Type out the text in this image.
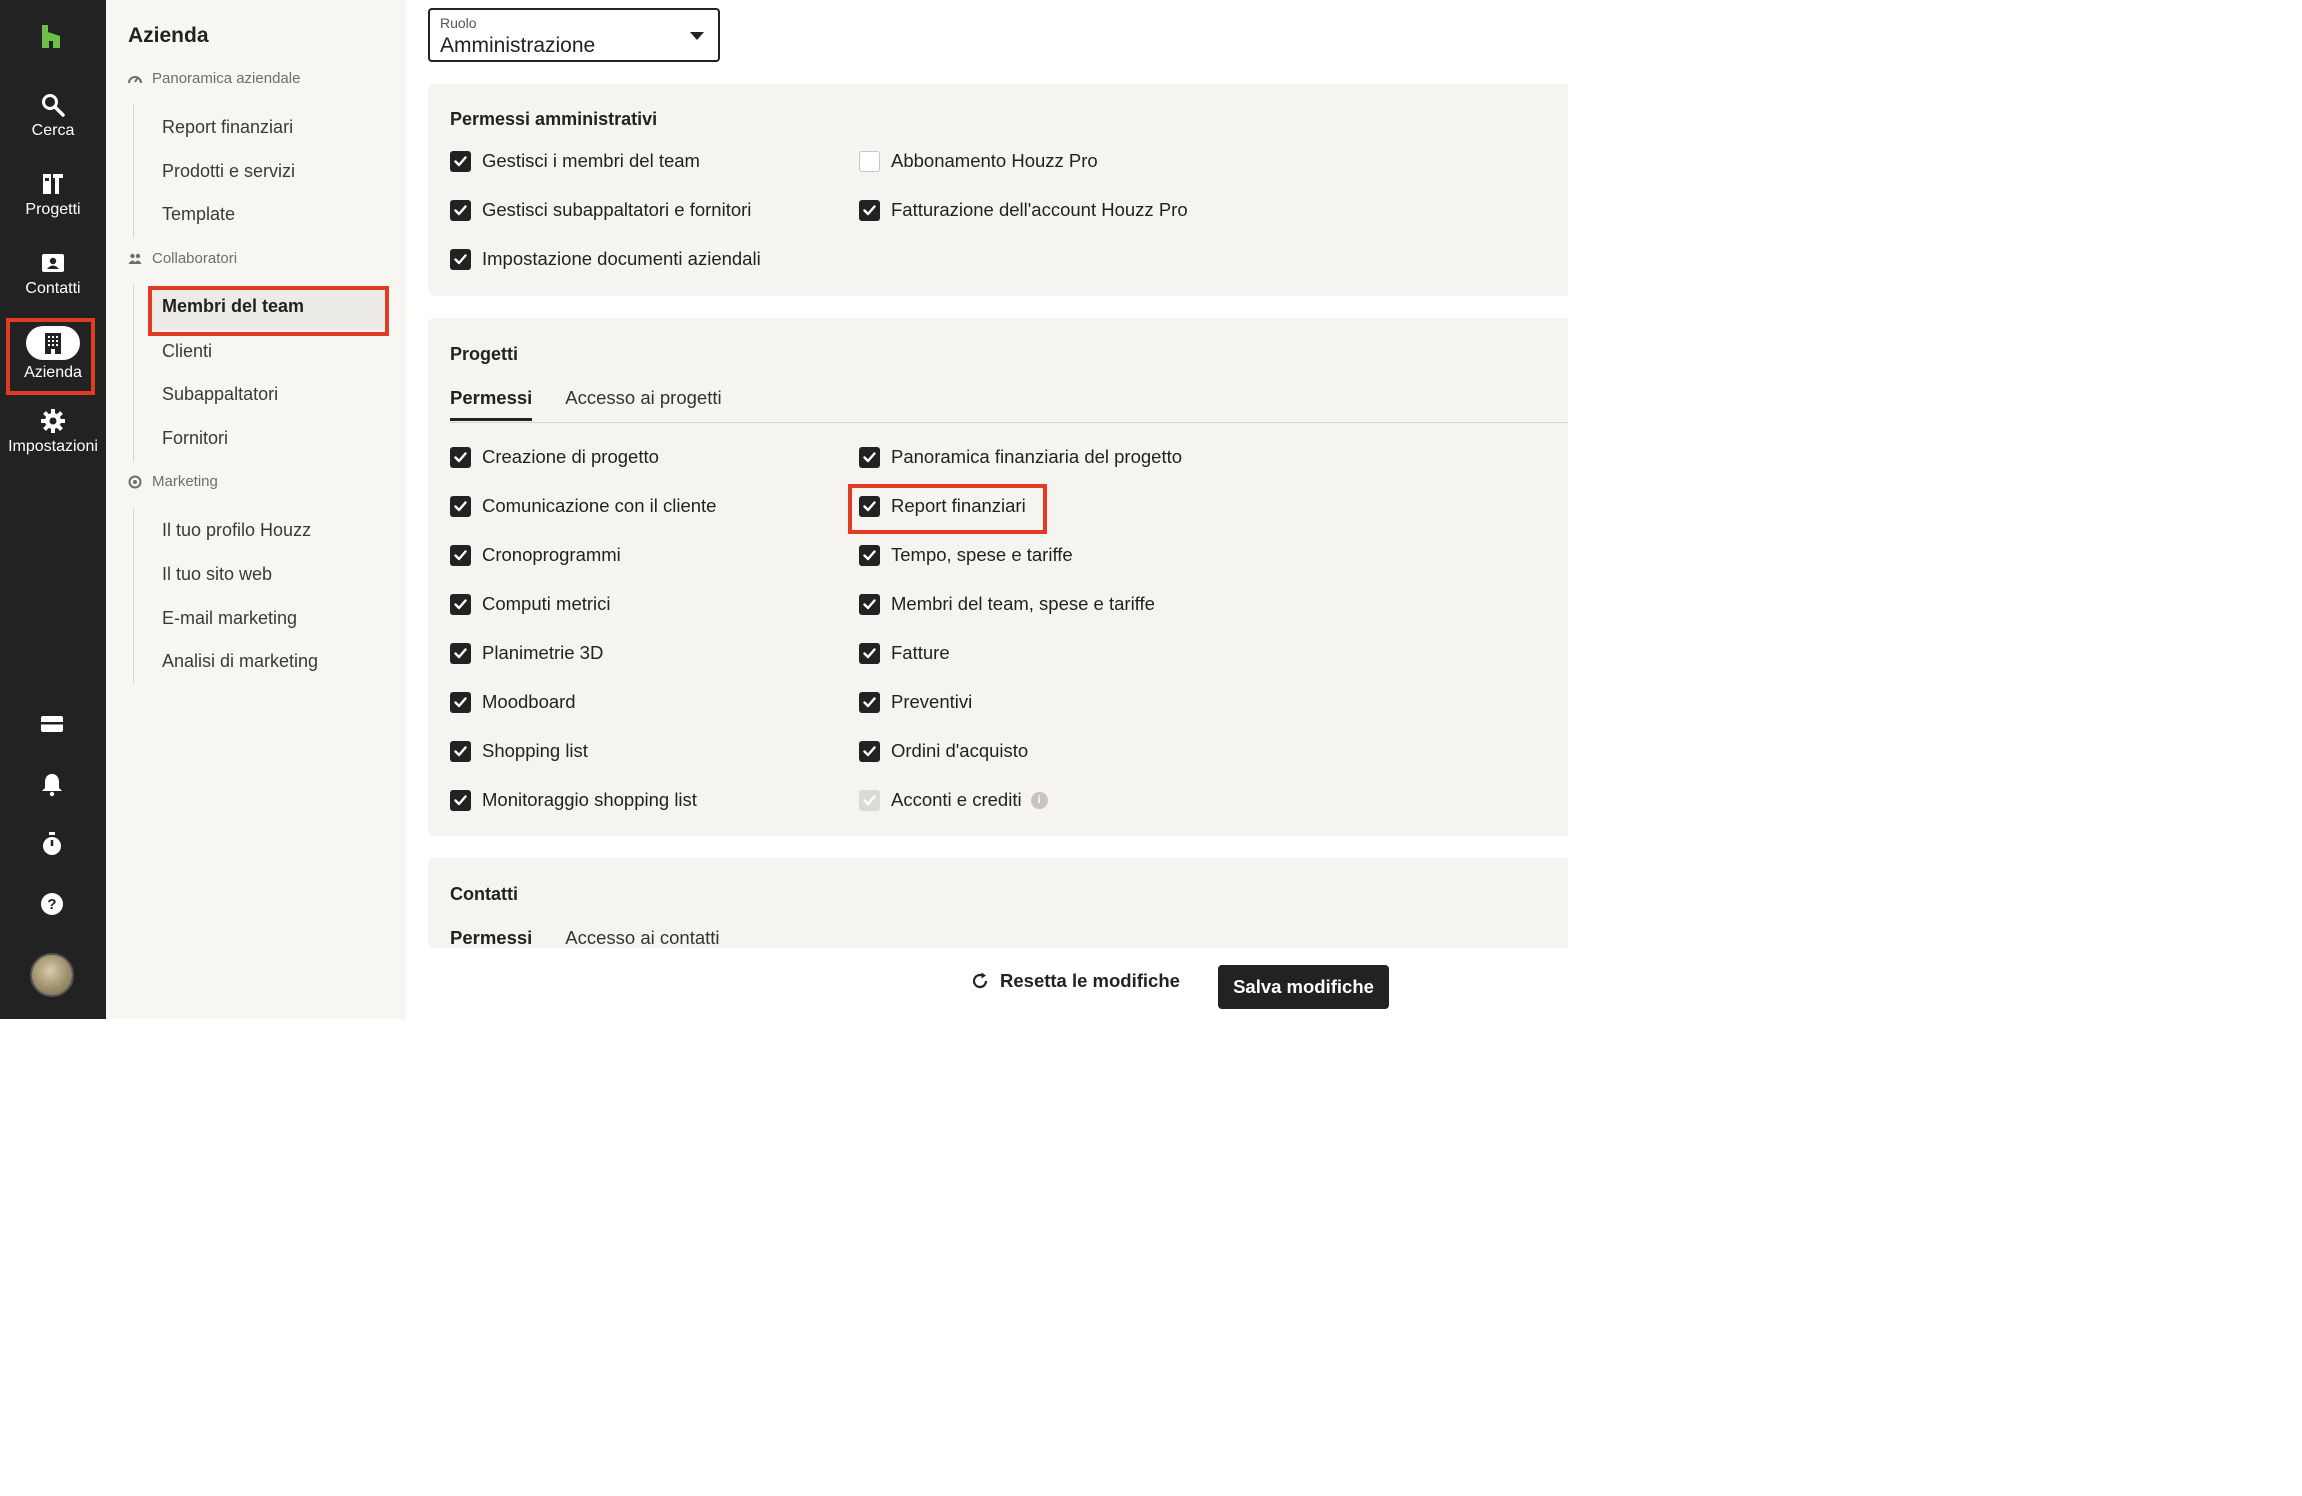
Cerca
Progetti
Contatti
Azienda
Impostazioni
?
Azienda
Panoramica aziendale
Report finanziari
Prodotti e servizi
Template
Collaboratori
Membri del team
Clienti
Subappaltatori
Fornitori
Marketing
Il tuo profilo Houzz
Il tuo sito web
E-mail marketing
Analisi di marketing
Ruolo
Amministrazione
Permessi amministrativi
Gestisci i membri del team
Gestisci subappaltatori e fornitori
Impostazione documenti aziendali
Abbonamento Houzz Pro
Fatturazione dell'account Houzz Pro
Progetti
Permessi Accesso ai progetti
Creazione di progetto
Comunicazione con il cliente
Cronoprogrammi
Computi metrici
Planimetrie 3D
Moodboard
Shopping list
Monitoraggio shopping list
Panoramica finanziaria del progetto
Report finanziari
Tempo, spese e tariffe
Membri del team, spese e tariffe
Fatture
Preventivi
Ordini d'acquisto
Acconti e crediti	i
Contatti
Permessi Accesso ai contatti
Resetta le modifiche	Salva modifiche
